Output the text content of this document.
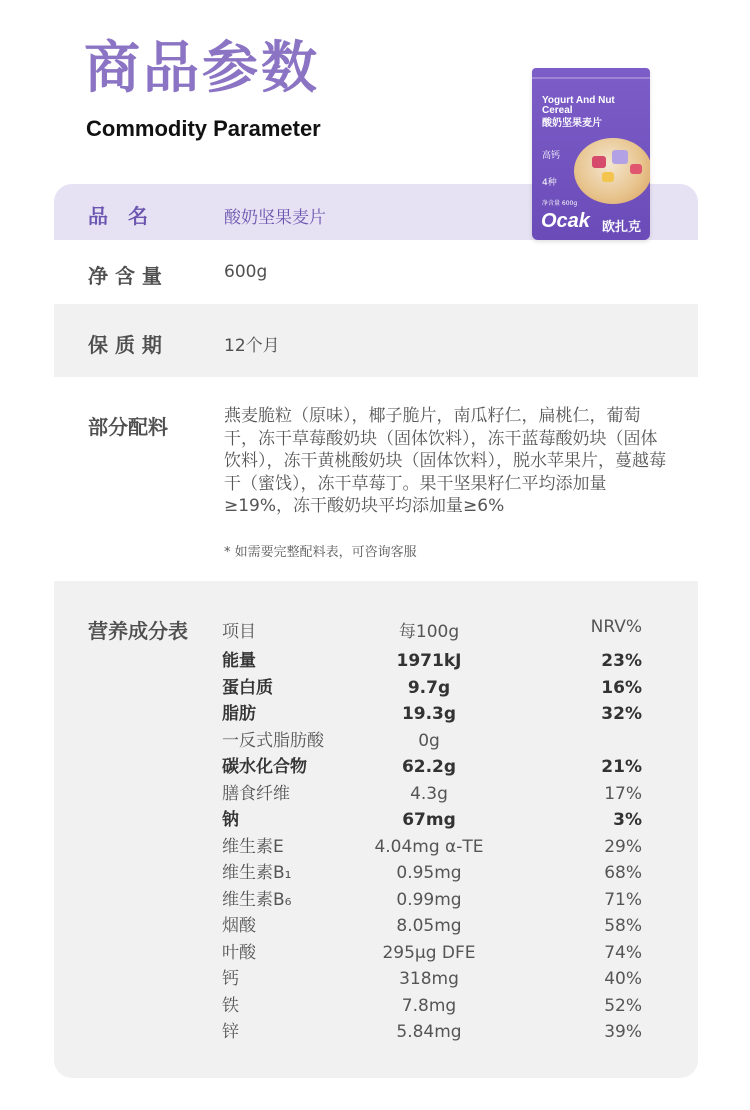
商品参数
Commodity Parameter
Yogurt And Nut Cereal
酸奶坚果麦片
高钙
4种
净含量 600g
Ocak 欧扎克
品　名	酸奶坚果麦片
净 含 量	600g
保 质 期	12个月
部分配料	燕麦脆粒（原味），椰子脆片，南瓜籽仁，扁桃仁，葡萄干，冻干草莓酸奶块（固体饮料），冻干蓝莓酸奶块（固体饮料），冻干黄桃酸奶块（固体饮料），脱水苹果片，蔓越莓干（蜜饯），冻干草莓丁。果干坚果籽仁平均添加量≥19%，冻干酸奶块平均添加量≥6%
* 如需要完整配料表，可咨询客服
营养成分表 项目	每100g	NRV%
能量	1971kJ	23%
蛋白质	9.7g	16%
脂肪	19.3g	32%
一反式脂肪酸	0g
碳水化合物	62.2g	21%
膳食纤维	4.3g	17%
钠	67mg	3%
维生素E	4.04mg α-TE	29%
维生素B₁	0.95mg	68%
维生素B₆	0.99mg	71%
烟酸	8.05mg	58%
叶酸	295μg DFE	74%
钙	318mg	40%
铁	7.8mg	52%
锌	5.84mg	39%
